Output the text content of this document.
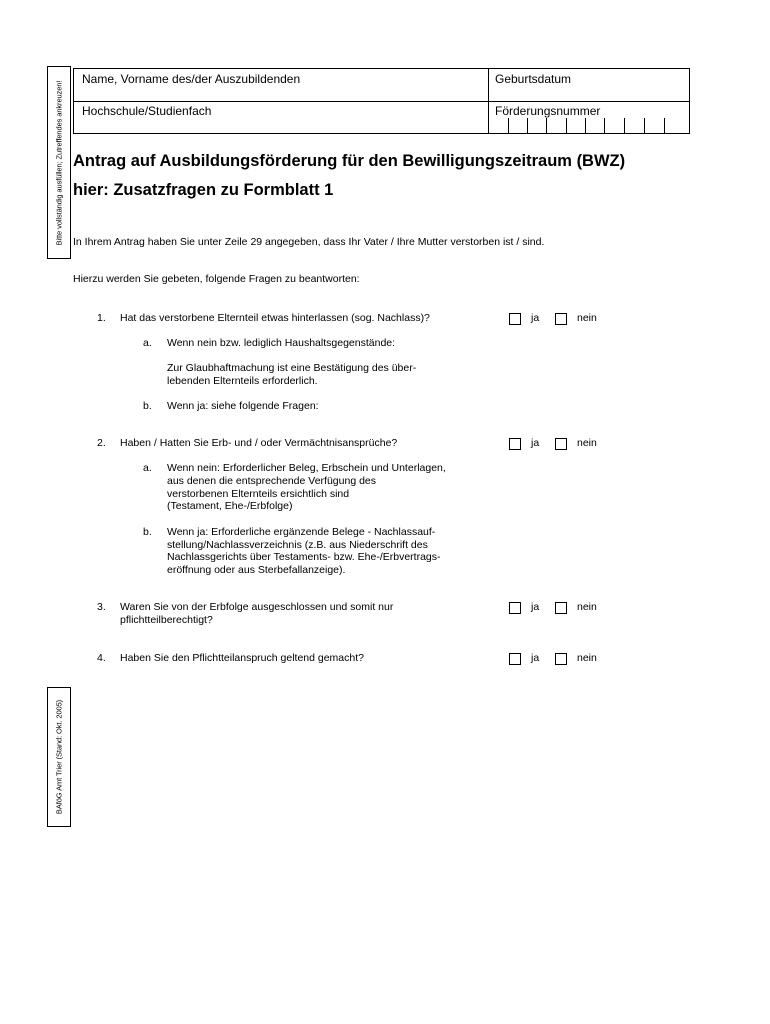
Bitte vollständig ausfüllen; Zutreffendes ankreuzen!
BAföG Amt Trier (Stand: Okt. 2005)
Name, Vorname des/der Auszubildenden	Geburtsdatum
Hochschule/Studienfach	Förderungsnummer
Antrag auf Ausbildungsförderung für den Bewilligungszeitraum (BWZ)
hier: Zusatzfragen zu Formblatt 1
In Ihrem Antrag haben Sie unter Zeile 29 angegeben, dass Ihr Vater / Ihre Mutter verstorben ist / sind.
Hierzu werden Sie gebeten, folgende Fragen zu beantworten:
1. Hat das verstorbene Elternteil etwas hinterlassen (sog. Nachlass)?	ja	nein
a. Wenn nein bzw. lediglich Haushaltsgegenstände:
Zur Glaubhaftmachung ist eine Bestätigung des über-
lebenden Elternteils erforderlich.
b. Wenn ja: siehe folgende Fragen:
2. Haben / Hatten Sie Erb- und / oder Vermächtnisansprüche?	ja	nein
a. Wenn nein: Erforderlicher Beleg, Erbschein und Unterlagen,
aus denen die entsprechende Verfügung des
verstorbenen Elternteils ersichtlich sind
(Testament, Ehe-/Erbfolge)
b. Wenn ja: Erforderliche ergänzende Belege - Nachlassauf-
stellung/Nachlassverzeichnis (z.B. aus Niederschrift des
Nachlassgerichts über Testaments- bzw. Ehe-/Erbvertrags-
eröffnung oder aus Sterbefallanzeige).
3. Waren Sie von der Erbfolge ausgeschlossen und somit nur
pflichtteilberechtigt?
ja	nein
4. Haben Sie den Pflichtteilanspruch geltend gemacht?	ja	nein
